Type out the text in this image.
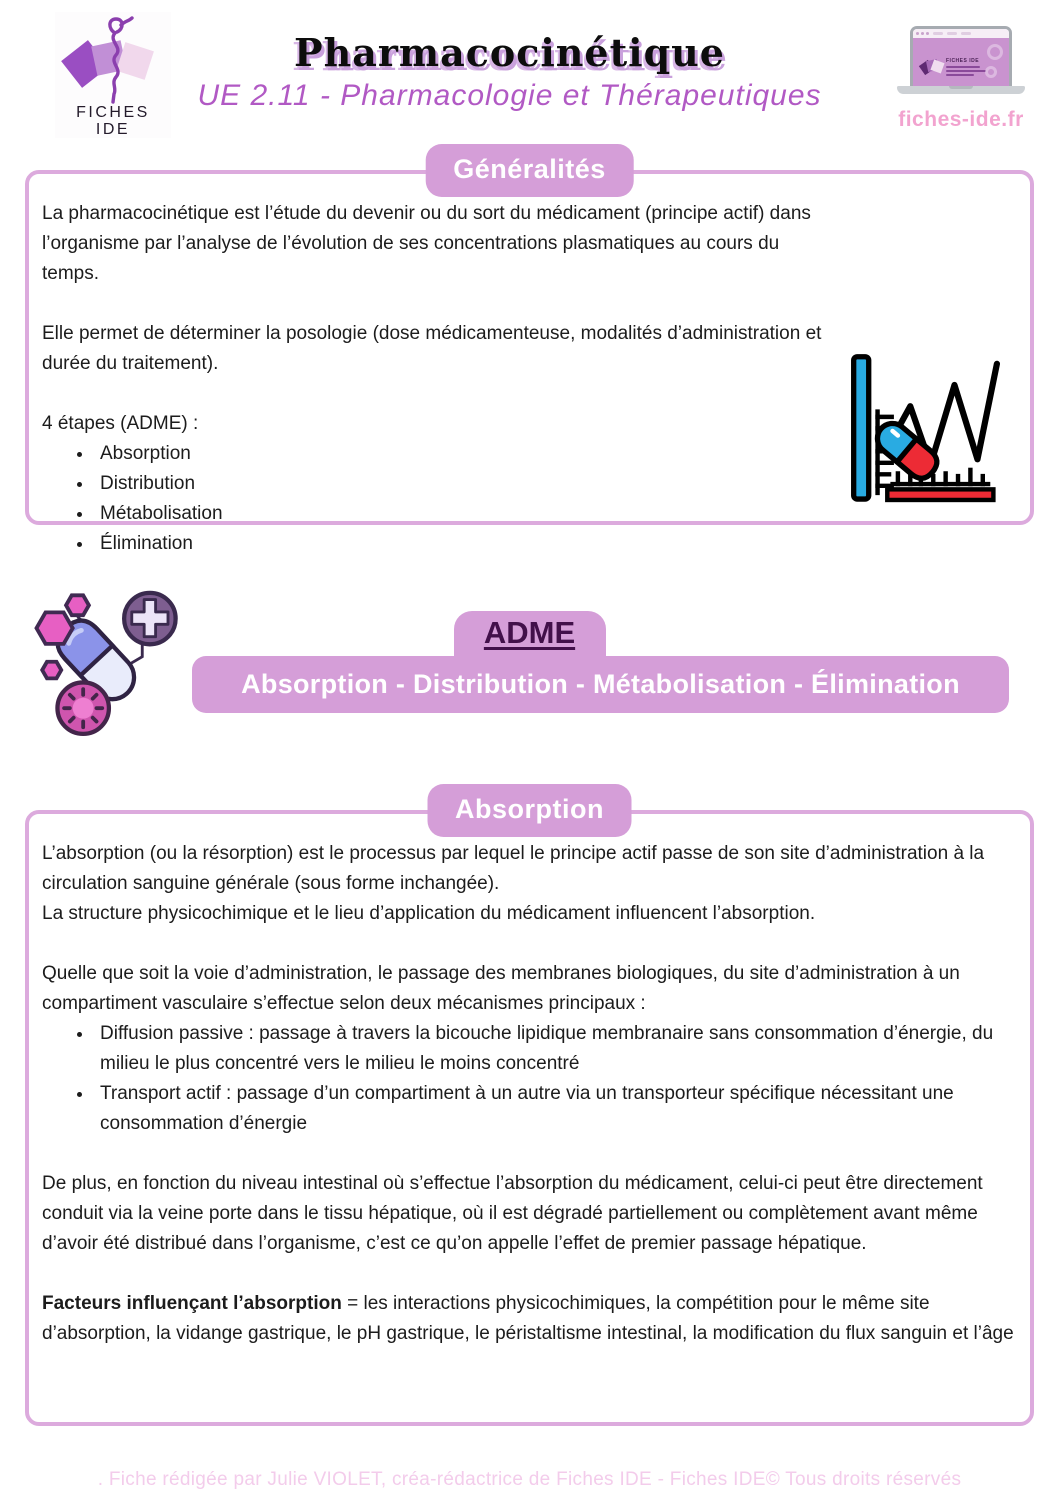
FICHES
IDE
Pharmacocinétique
UE 2.11 - Pharmacologie et Thérapeutiques
FICHES IDE
fiches-ide.fr
Généralités

La pharmacocinétique est l’étude du devenir ou du sort du médicament (principe actif) dans l’organisme par l’analyse de l’évolution de ses concentrations plasmatiques au cours du temps.

Elle permet de déterminer la posologie (dose médicamenteuse, modalités d’administration et durée du traitement).

4 étapes (ADME) :

• Absorption
• Distribution
• Métabolisation
• Élimination
ADME
Absorption - Distribution - Métabolisation - Élimination
Absorption

L’absorption (ou la résorption) est le processus par lequel le principe actif passe de son site d’administration à la circulation sanguine générale (sous forme inchangée).

La structure physicochimique et le lieu d’application du médicament influencent l’absorption.

Quelle que soit la voie d’administration, le passage des membranes biologiques, du site d’administration à un compartiment vasculaire s’effectue selon deux mécanismes principaux :

• Diffusion passive : passage à travers la bicouche lipidique membranaire sans consommation d’énergie, du milieu le plus concentré vers le milieu le moins concentré
• Transport actif : passage d’un compartiment à un autre via un transporteur spécifique nécessitant une consommation d’énergie

De plus, en fonction du niveau intestinal où s’effectue l’absorption du médicament, celui-ci peut être directement conduit via la veine porte dans le tissu hépatique, où il est dégradé partiellement ou complètement avant même d’avoir été distribué dans l’organisme, c’est ce qu’on appelle l’effet de premier passage hépatique.

Facteurs influençant l’absorption = les interactions physicochimiques, la compétition pour le même site d’absorption, la vidange gastrique, le pH gastrique, le péristaltisme intestinal, la modification du flux sanguin et l’âge

. Fiche rédigée par Julie VIOLET, créa-rédactrice de Fiches IDE - Fiches IDE© Tous droits réservés
